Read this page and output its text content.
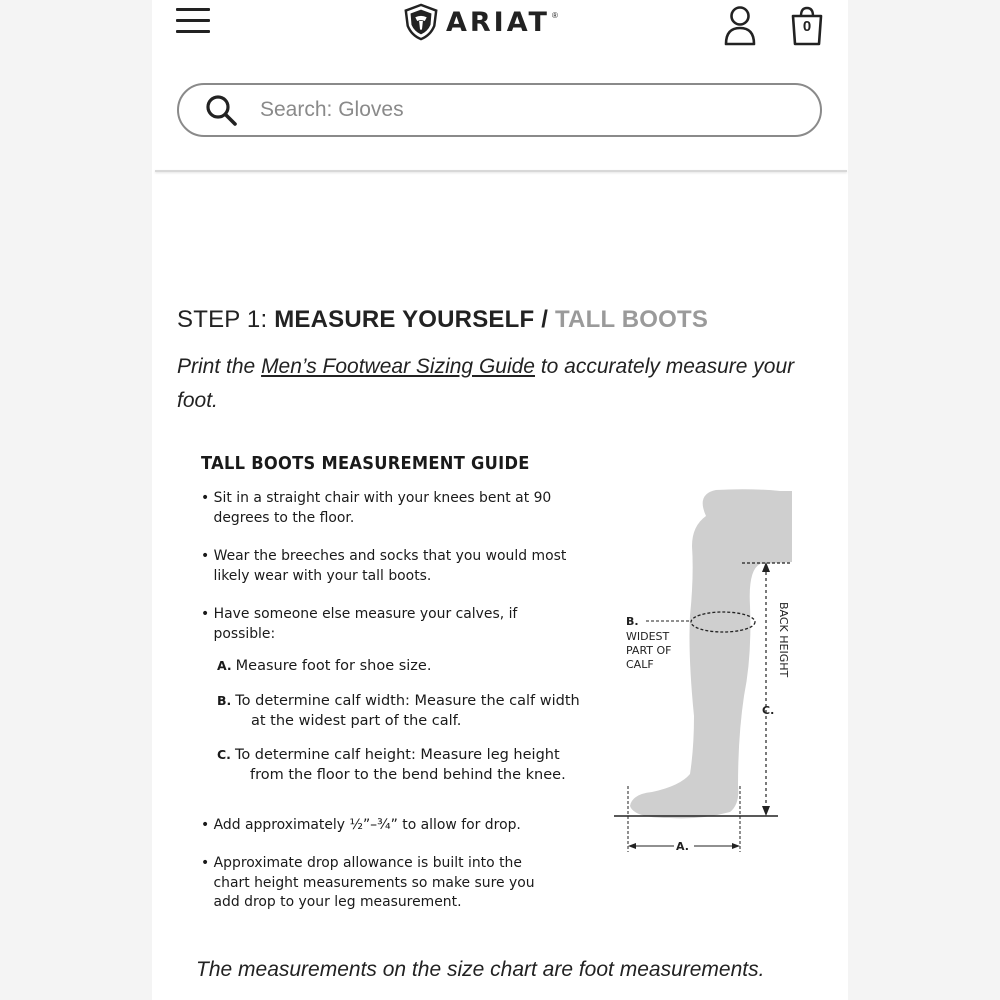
ARIAT ®
0
Search: Gloves
STEP 1: MEASURE YOURSELF / TALL BOOTS
Print the Men’s Footwear Sizing Guide to accurately measure your foot.
TALL BOOTS MEASUREMENT GUIDE
• Sit in a straight chair with your knees bent at 90 degrees to the floor.
• Wear the breeches and socks that you would most likely wear with your tall boots.
• Have someone else measure your calves, if possible:
A. Measure foot for shoe size.
B. To determine calf width: Measure the calf width at the widest part of the calf.
C. To determine calf height: Measure leg height from the floor to the bend behind the knee.
• Add approximately ½”–¾” to allow for drop.
• Approximate drop allowance is built into the chart height measurements so make sure you add drop to your leg measurement.
B.
WIDEST
PART OF
CALF
C.
A.
BACK HEIGHT
The measurements on the size chart are foot measurements.
